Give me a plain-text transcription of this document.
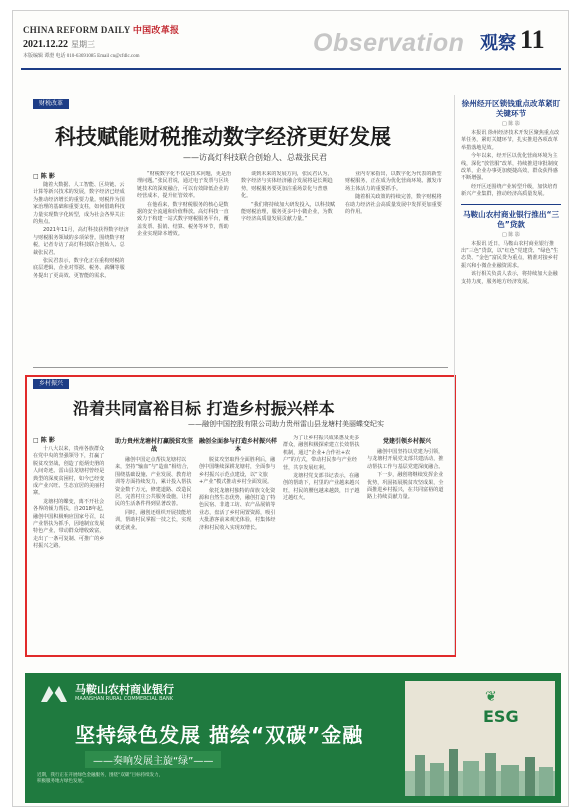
CHINA REFORM DAILY 中国改革报
2021.12.22 星期三
本版编辑 谭澄 电话 010-63691085 Email cn@cfdlc.com	Observation 观察 11
财税改革
科技赋能财税推动数字经济更好发展
——访高灯科技联合创始人、总裁张民君
□ 陈 影

随着大数据、人工智能、区块链、云计算等新兴技术的发展，数字经济已经成为推动经济增长的重要力量。财税作为国家治理的基础和重要支柱，如何借助科技力量实现数字化转型，成为社会各界关注的焦点。

2021年11月，高灯科技获得数字经济与财税服务领域的多项荣誉。围绕数字财税，记者专访了高灯科技联合创始人、总裁张民君。

张民君表示，数字化正在重构财税的底层逻辑，企业对票据、税务、薪酬等服务提出了更高效、更智能的需求。

“财税数字化不仅是技术问题，更是治理问题。”张民君说，通过电子发票与区块链技术的深度融合，可以有效降低企业的经营成本，提升征管效率。

在他看来，数字财税服务的核心是数据的安全流通和价值释放。高灯科技一直致力于构建一站式数字财税服务平台，覆盖发票、报销、结算、税务等环节，帮助企业实现降本增效。

谈到未来的发展方向，张民君认为，数字经济与实体经济融合发展将是长期趋势，财税服务要更加注重场景化与普惠化。

“我们将持续加大研发投入，以科技赋能财税治理，服务更多中小微企业，为数字经济高质量发展贡献力量。”

业内专家指出，以数字化为代表的新型财税服务，正在成为优化营商环境、激发市场主体活力的重要抓手。

随着相关政策的持续完善，数字财税将在助力经济社会高质量发展中发挥更加重要的作用。

乡村振兴
沿着共同富裕目标 打造乡村振兴样本
——融创中国控股有限公司助力贵州雷山县龙塘村美丽蝶变纪实
□ 陈 影

十八大以来，贵州各族群众在党中央的坚强领导下，打赢了脱贫攻坚战，创造了彪炳史册的人间奇迹。雷山县龙塘村曾经是典型的深度贫困村，如今已经变成产业兴旺、生态宜居的美丽村寨。

龙塘村的蝶变，离不开社会各界的倾力帮扶。自2018年起，融创中国积极响应国家号召，以产业帮扶为抓手，因地制宜发展特色产业，带动群众增收致富，走出了一条可复制、可推广的乡村振兴之路。

助力贵州龙塘村打赢脱贫攻坚战

融创中国定点帮扶龙塘村以来，坚持“输血”与“造血”相结合，围绕基础设施、产业发展、教育培训等方面持续发力，累计投入帮扶资金数千万元，修建道路、改造民居，完善村庄公共服务设施，让村民的生活条件得到显著改善。

同时，融创还组织开展技能培训，帮助村民掌握一技之长，实现就近就业。

融创全面参与打造乡村振兴样本

脱贫攻坚取得全面胜利后，融创中国继续深耕龙塘村，全面参与乡村振兴示范点建设，以“文旅+产业”模式推动乡村全面发展。

依托龙塘村独特的苗族文化资源和自然生态优势，融创打造了特色民宿、非遗工坊、农产品展销等业态，盘活了乡村闲置资源，吸引大批游客前来观光体验，村集体经济和村民收入实现双增长。

为了让乡村振兴成果惠及更多群众，融创积极探索建立长效帮扶机制，通过“企业+合作社+农户”的方式，带动村民参与产业经营，共享发展红利。

龙塘村党支部书记表示，在融创的帮助下，村里的产业越来越兴旺，村民的腰包越来越鼓，日子越过越红火。

党建引领乡村振兴

融创中国坚持以党建为引领，与龙塘村开展党支部共建活动，推动帮扶工作与基层党建深度融合。

下一步，融创将继续发挥企业优势，巩固拓展脱贫攻坚成果，全面推进乡村振兴，在共同富裕的道路上持续贡献力量。

徐州经开区锁钱重点改革紧盯关键环节
□ 陈 影

本报讯 徐州经济技术开发区聚焦重点改革任务，紧盯关键环节，扎实推进各项改革举措落地见效。

今年以来，经开区以优化营商环境为主线，深化“放管服”改革，持续推进审批制度改革，企业办事更加便捷高效，群众获得感不断增强。

经开区还围绕产业转型升级，加快培育新兴产业集群，推动经济高质量发展。

马鞍山农村商业银行推出“三色”贷款
□ 陈 影

本报讯 近日，马鞍山农村商业银行推出“三色”贷款，以“红色”党建贷、“绿色”生态贷、“金色”富民贷为重点，精准对接乡村振兴和小微企业融资需求。

该行相关负责人表示，将持续加大金融支持力度，服务地方经济发展。

马鞍山农村商业银行
MAANSHAN RURAL COMMERCIAL BANK
坚持绿色发展 描绘“双碳”金融
——奏响发展主旋“绿”——
近期，我行正在开展绿色金融服务，围绕“双碳”目标持续发力，积极服务地方绿色发展。
❦
ESG
